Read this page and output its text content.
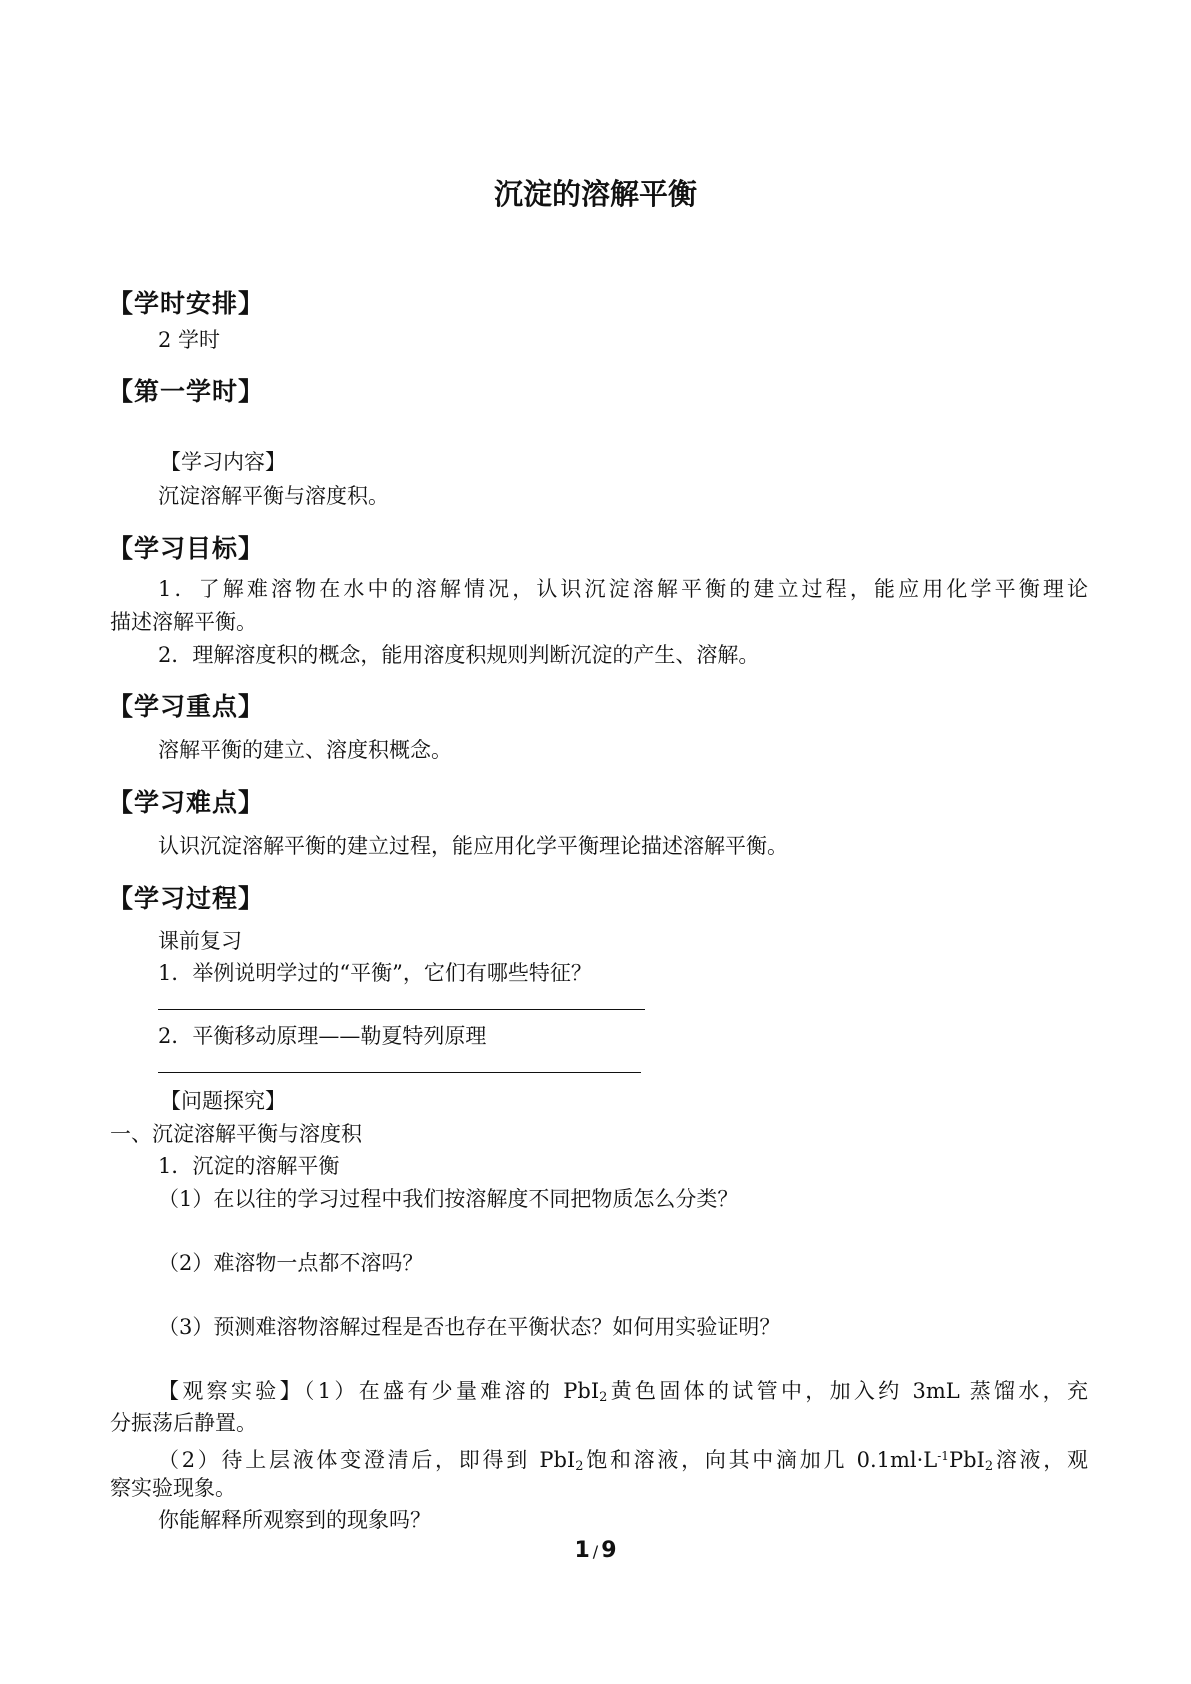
沉淀的溶解平衡
【学时安排】
2 学时
【第一学时】
【学习内容】
沉淀溶解平衡与溶度积。
【学习目标】
1．了解难溶物在水中的溶解情况，认识沉淀溶解平衡的建立过程，能应用化学平衡理论
描述溶解平衡。
2．理解溶度积的概念，能用溶度积规则判断沉淀的产生、溶解。
【学习重点】
溶解平衡的建立、溶度积概念。
【学习难点】
认识沉淀溶解平衡的建立过程，能应用化学平衡理论描述溶解平衡。
【学习过程】
课前复习
1．举例说明学过的“平衡”，它们有哪些特征？
2．平衡移动原理——勒夏特列原理
【问题探究】
一、沉淀溶解平衡与溶度积
1．沉淀的溶解平衡
（1）在以往的学习过程中我们按溶解度不同把物质怎么分类？
（2）难溶物一点都不溶吗？
（3）预测难溶物溶解过程是否也存在平衡状态？如何用实验证明？
【观察实验】（1）在盛有少量难溶的 PbI$_2$黄色固体的试管中，加入约 3mL 蒸馏水，充
分振荡后静置。
（2）待上层液体变澄清后，即得到 PbI$_2$饱和溶液，向其中滴加几 $0.1ml\cdot L^{-1}PbI_2$溶液，观
察实验现象。
你能解释所观察到的现象吗？
1 / 9
